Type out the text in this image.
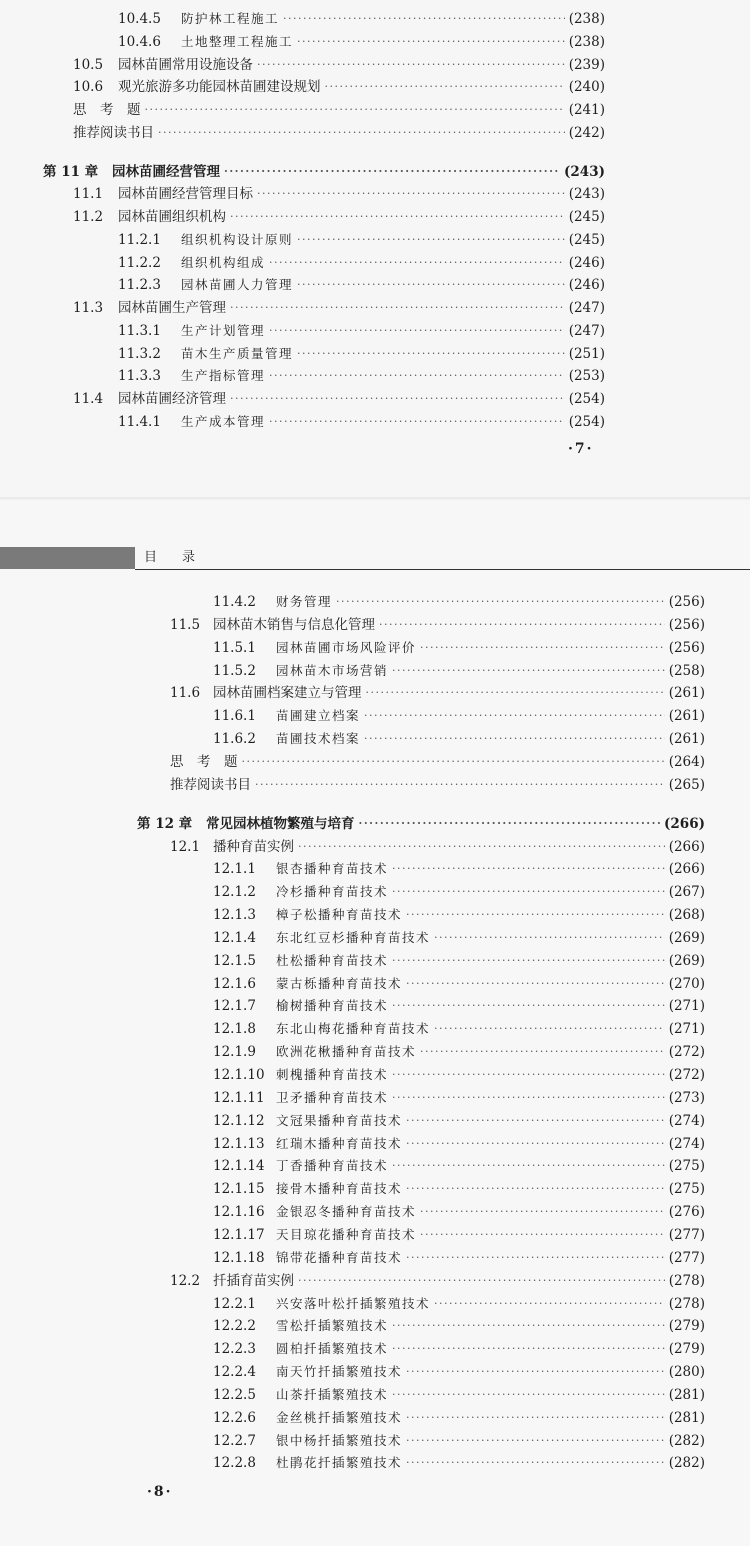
10.4.5	防护林工程施工 ·····	(238)
10.4.6	土地整理工程施工 ·····	(238)
10.5	园林苗圃常用设施设备 ·····	(239)
10.6	观光旅游多功能园林苗圃建设规划 ·····	(240)
思　考　题 ·····	(241)
推荐阅读书目 ·····	(242)
第 11 章	园林苗圃经营管理 ·····	(243)
11.1	园林苗圃经营管理目标 ·····	(243)
11.2	园林苗圃组织机构 ·····	(245)
11.2.1	组织机构设计原则 ·····	(245)
11.2.2	组织机构组成 ·····	(246)
11.2.3	园林苗圃人力管理 ·····	(246)
11.3	园林苗圃生产管理 ·····	(247)
11.3.1	生产计划管理 ·····	(247)
11.3.2	苗木生产质量管理 ·····	(251)
11.3.3	生产指标管理 ·····	(253)
11.4	园林苗圃经济管理 ·····	(254)
11.4.1	生产成本管理 ·····	(254)
·7·
目　录
11.4.2	财务管理 ·····	(256)
11.5 园林苗木销售与信息化管理 ·····	(256)
11.5.1	园林苗圃市场风险评价 ·····	(256)
11.5.2	园林苗木市场营销 ·····	(258)
11.6 园林苗圃档案建立与管理 ·····	(261)
11.6.1	苗圃建立档案 ·····	(261)
11.6.2	苗圃技术档案 ·····	(261)
思　考　题 ·····	(264)
推荐阅读书目 ·····	(265)
第 12 章	常见园林植物繁殖与培育 ·····	(266)
12.1 播种育苗实例 ·····	(266)
12.1.1	银杏播种育苗技术 ·····	(266)
12.1.2	冷杉播种育苗技术 ·····	(267)
12.1.3	樟子松播种育苗技术 ·····	(268)
12.1.4	东北红豆杉播种育苗技术 ·····	(269)
12.1.5	杜松播种育苗技术 ·····	(269)
12.1.6	蒙古栎播种育苗技术 ·····	(270)
12.1.7	榆树播种育苗技术 ·····	(271)
12.1.8	东北山梅花播种育苗技术 ·····	(271)
12.1.9	欧洲花楸播种育苗技术 ·····	(272)
12.1.10 刺槐播种育苗技术 ·····	(272)
12.1.11 卫矛播种育苗技术 ·····	(273)
12.1.12 文冠果播种育苗技术 ·····	(274)
12.1.13 红瑞木播种育苗技术 ·····	(274)
12.1.14 丁香播种育苗技术 ·····	(275)
12.1.15 接骨木播种育苗技术 ·····	(275)
12.1.16 金银忍冬播种育苗技术 ·····	(276)
12.1.17 天目琼花播种育苗技术 ·····	(277)
12.1.18 锦带花播种育苗技术 ·····	(277)
12.2 扦插育苗实例 ·····	(278)
12.2.1	兴安落叶松扦插繁殖技术 ·····	(278)
12.2.2	雪松扦插繁殖技术 ·····	(279)
12.2.3	圆柏扦插繁殖技术 ·····	(279)
12.2.4	南天竹扦插繁殖技术 ·····	(280)
12.2.5	山茶扦插繁殖技术 ·····	(281)
12.2.6	金丝桃扦插繁殖技术 ·····	(281)
12.2.7	银中杨扦插繁殖技术 ·····	(282)
12.2.8	杜鹃花扦插繁殖技术 ·····	(282)
·8·
